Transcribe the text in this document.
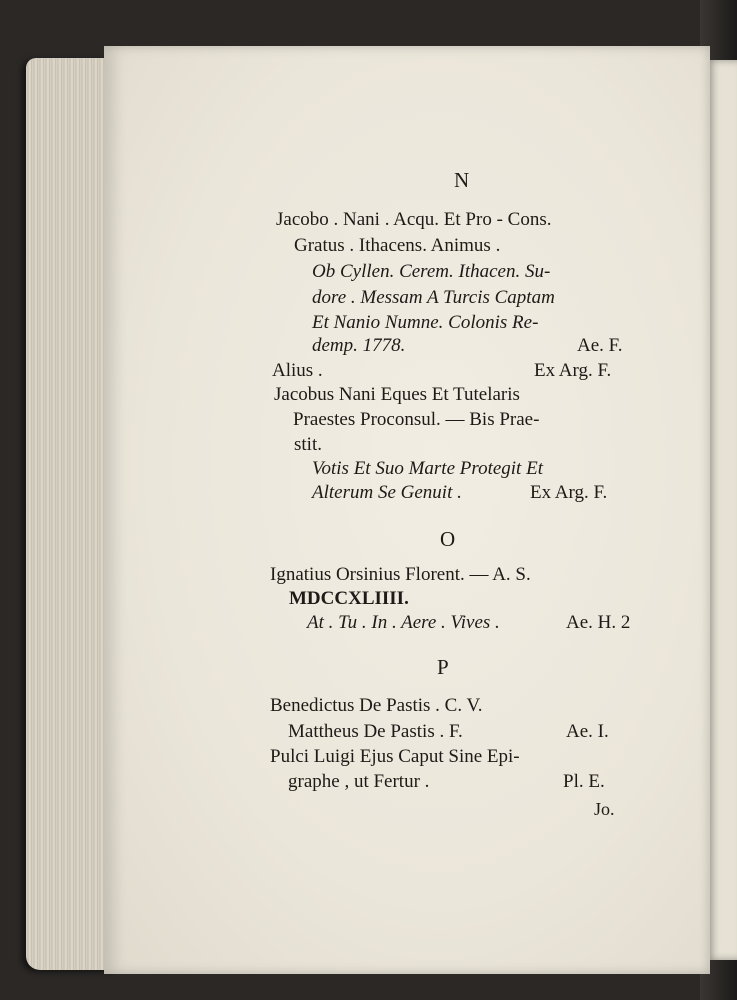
N
Jacobo . Nani . Acqu. Et Pro - Cons.
Gratus . Ithacens. Animus .
Ob Cyllen. Cerem. Ithacen. Su-
dore . Messam A Turcis Captam
Et Nanio Numne. Colonis Re-
demp. 1778.	Ae. F.
Alius .	Ex Arg. F.
Jacobus Nani Eques Et Tutelaris
Praestes Proconsul. — Bis Prae-
stit.
Votis Et Suo Marte Protegit Et
Alterum Se Genuit .	Ex Arg. F.
O
Ignatius Orsinius Florent. — A. S.
MDCCXLIIII.
At . Tu . In . Aere . Vives .	Ae. H. 2
P
Benedictus De Pastis . C. V.
Mattheus De Pastis . F.	Ae. I.
Pulci Luigi Ejus Caput Sine Epi-
graphe , ut Fertur .	Pl. E.
Jo.
